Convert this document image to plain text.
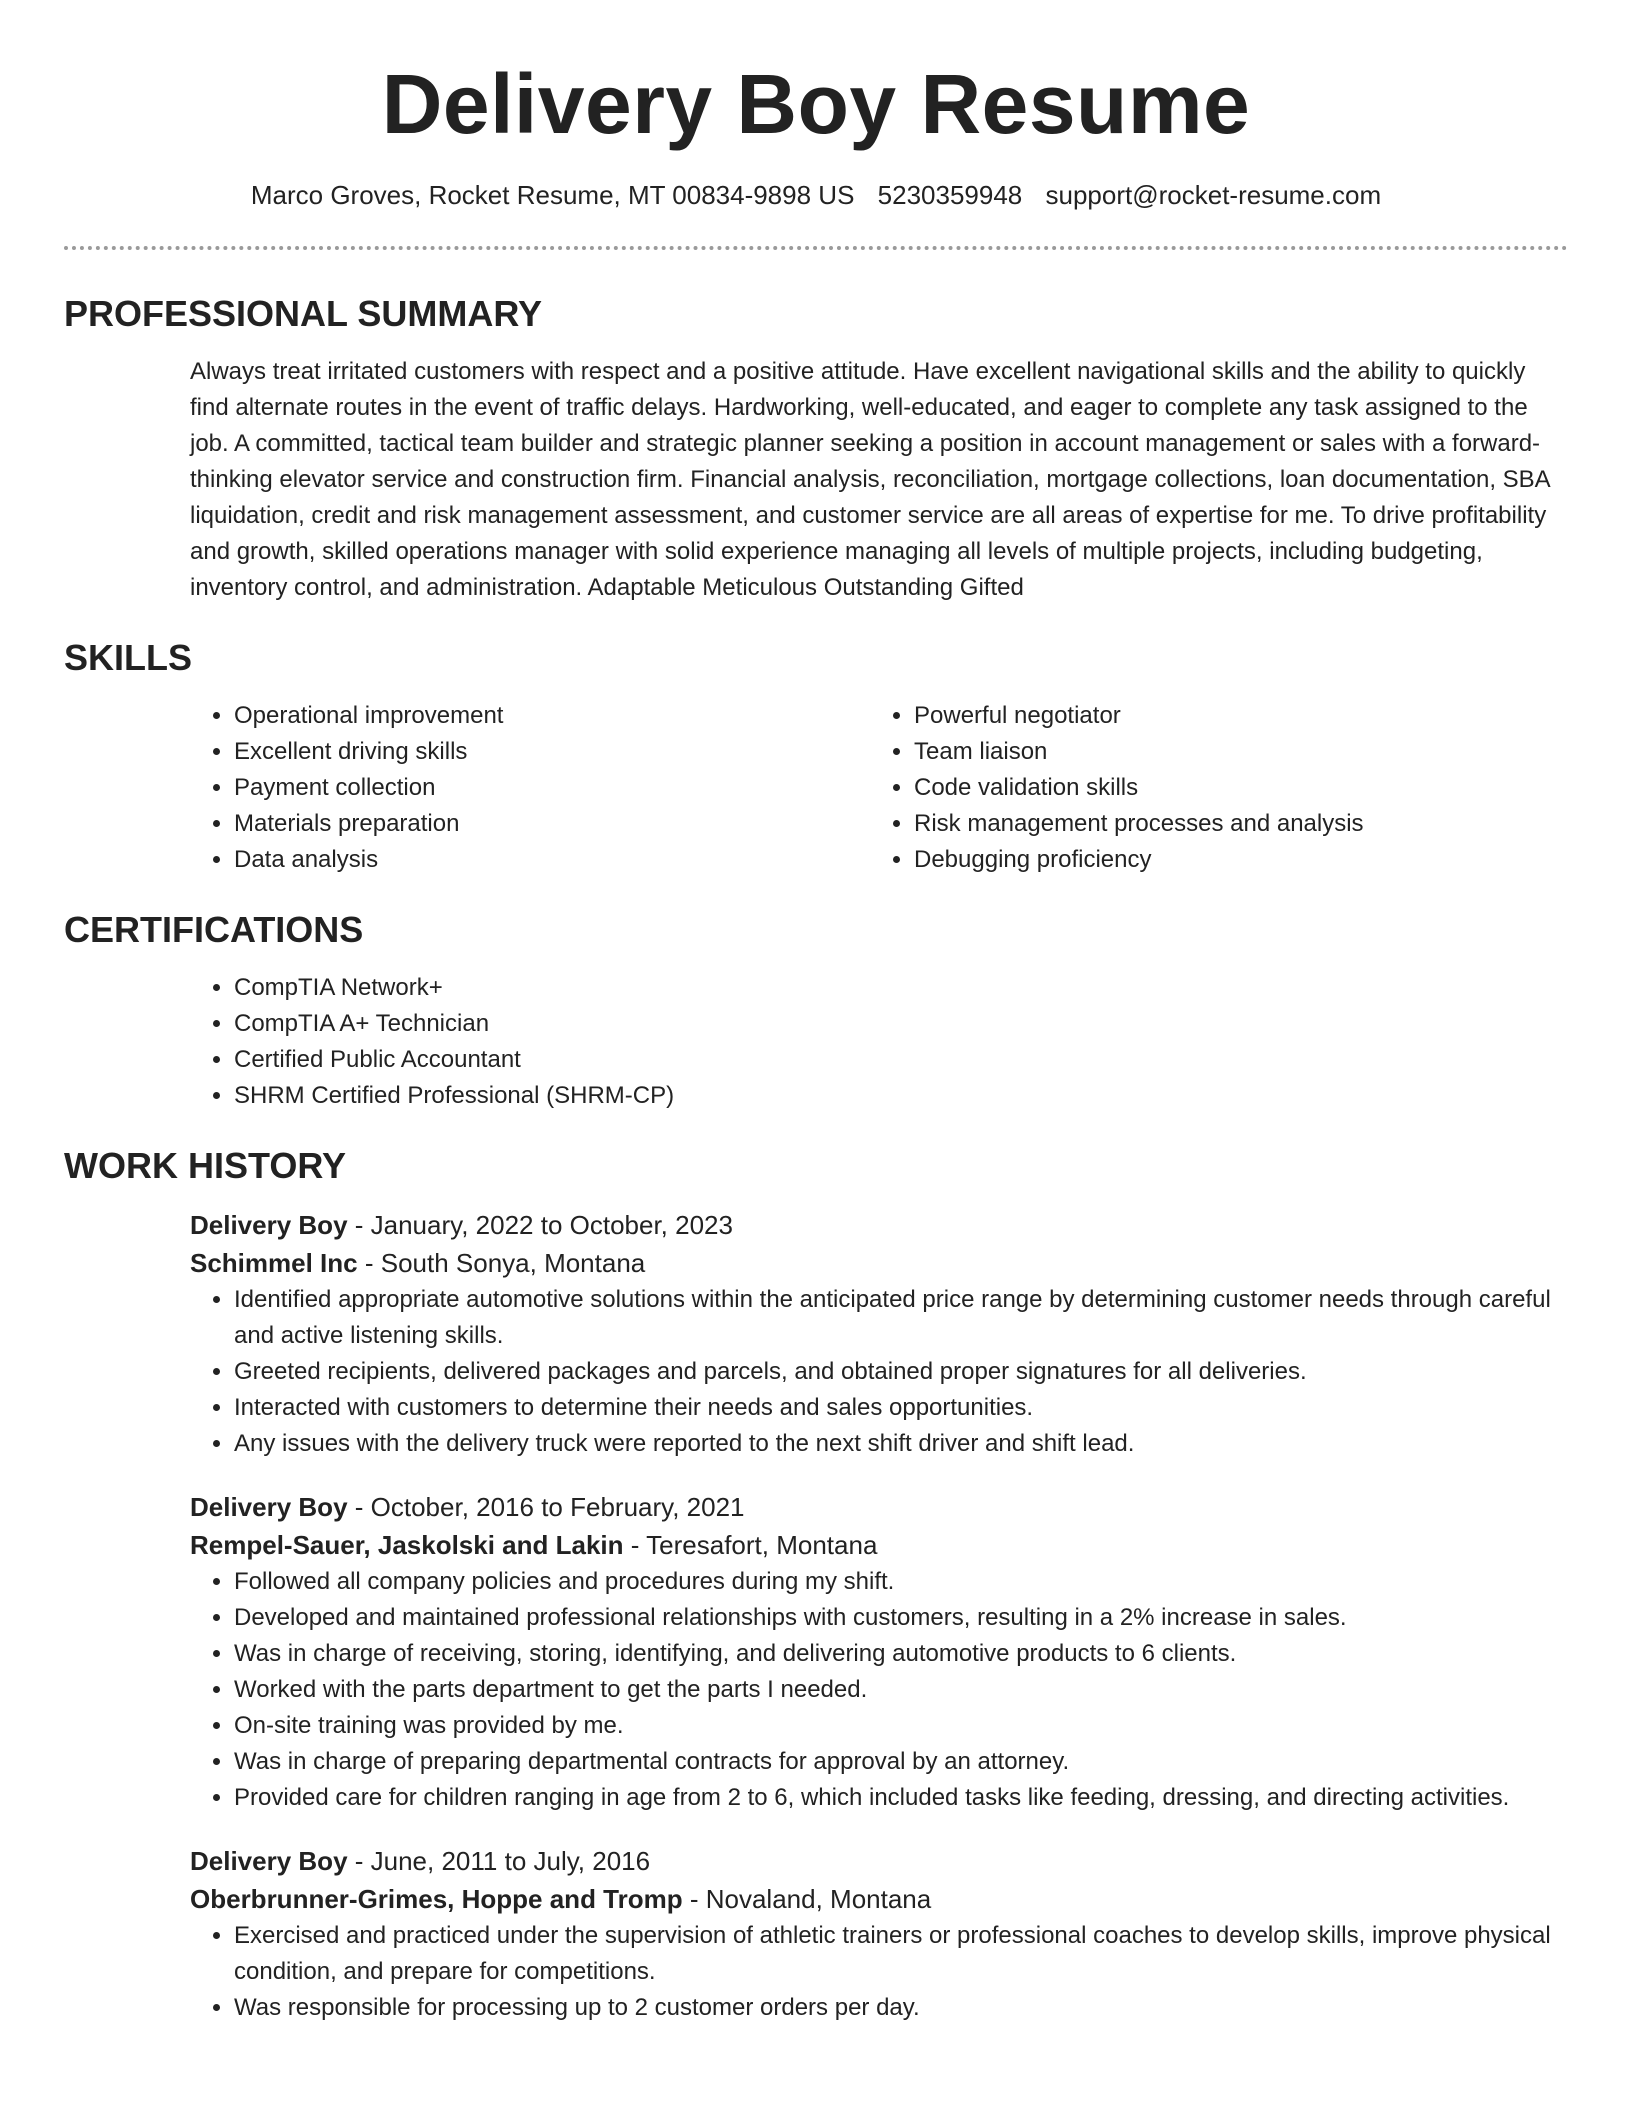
Delivery Boy Resume
Marco Groves, Rocket Resume, MT 00834-9898 US 5230359948 support@rocket-resume.com
PROFESSIONAL SUMMARY

Always treat irritated customers with respect and a positive attitude. Have excellent navigational skills and the ability to quickly find alternate routes in the event of traffic delays. Hardworking, well-educated, and eager to complete any task assigned to the job. A committed, tactical team builder and strategic planner seeking a position in account management or sales with a forward-thinking elevator service and construction firm. Financial analysis, reconciliation, mortgage collections, loan documentation, SBA liquidation, credit and risk management assessment, and customer service are all areas of expertise for me. To drive profitability and growth, skilled operations manager with solid experience managing all levels of multiple projects, including budgeting, inventory control, and administration. Adaptable Meticulous Outstanding Gifted

SKILLS
• Operational improvement
• Excellent driving skills
• Payment collection
• Materials preparation
• Data analysis
• Powerful negotiator
• Team liaison
• Code validation skills
• Risk management processes and analysis
• Debugging proficiency
CERTIFICATIONS
• CompTIA Network+
• CompTIA A+ Technician
• Certified Public Accountant
• SHRM Certified Professional (SHRM-CP)
WORK HISTORY
Delivery Boy - January, 2022 to October, 2023
Schimmel Inc - South Sonya, Montana
• Identified appropriate automotive solutions within the anticipated price range by determining customer needs through careful and active listening skills.
• Greeted recipients, delivered packages and parcels, and obtained proper signatures for all deliveries.
• Interacted with customers to determine their needs and sales opportunities.
• Any issues with the delivery truck were reported to the next shift driver and shift lead.
Delivery Boy - October, 2016 to February, 2021
Rempel-Sauer, Jaskolski and Lakin - Teresafort, Montana
• Followed all company policies and procedures during my shift.
• Developed and maintained professional relationships with customers, resulting in a 2% increase in sales.
• Was in charge of receiving, storing, identifying, and delivering automotive products to 6 clients.
• Worked with the parts department to get the parts I needed.
• On-site training was provided by me.
• Was in charge of preparing departmental contracts for approval by an attorney.
• Provided care for children ranging in age from 2 to 6, which included tasks like feeding, dressing, and directing activities.
Delivery Boy - June, 2011 to July, 2016
Oberbrunner-Grimes, Hoppe and Tromp - Novaland, Montana
• Exercised and practiced under the supervision of athletic trainers or professional coaches to develop skills, improve physical condition, and prepare for competitions.
• Was responsible for processing up to 2 customer orders per day.
